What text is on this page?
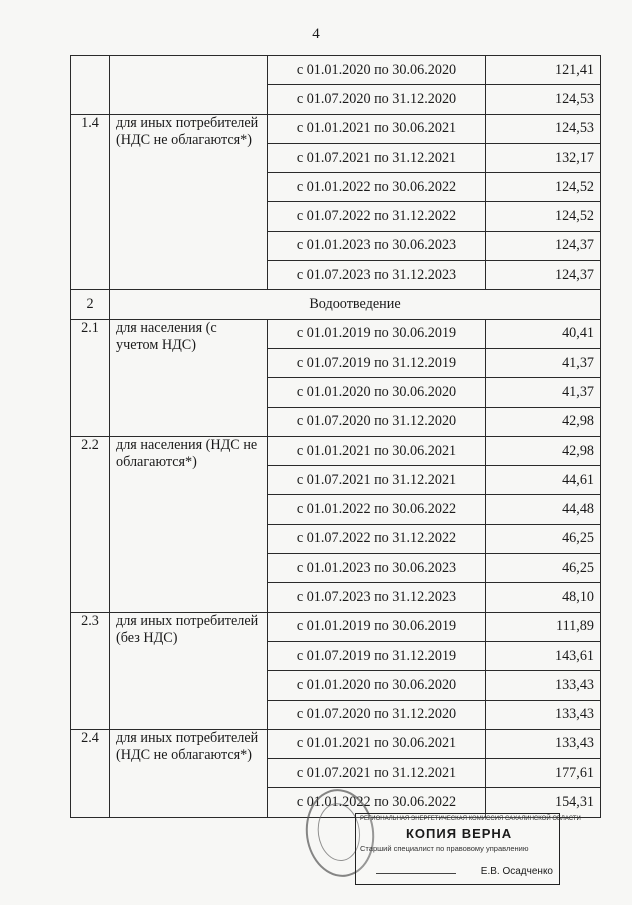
4
		с 01.01.2020 по 30.06.2020	121,41
		с 01.07.2020 по 31.12.2020	124,53
1.4	для иных потребителей (НДС не облагаются*)	с 01.01.2021 по 30.06.2021	124,53
		с 01.07.2021 по 31.12.2021	132,17
		с 01.01.2022 по 30.06.2022	124,52
		с 01.07.2022 по 31.12.2022	124,52
		с 01.01.2023 по 30.06.2023	124,37
		с 01.07.2023 по 31.12.2023	124,37
2	Водоотведение		
2.1	для населения (с учетом НДС)	с 01.01.2019 по 30.06.2019	40,41
		с 01.07.2019 по 31.12.2019	41,37
		с 01.01.2020 по 30.06.2020	41,37
		с 01.07.2020 по 31.12.2020	42,98
2.2	для населения (НДС не облагаются*)	с 01.01.2021 по 30.06.2021	42,98
		с 01.07.2021 по 31.12.2021	44,61
		с 01.01.2022 по 30.06.2022	44,48
		с 01.07.2022 по 31.12.2022	46,25
		с 01.01.2023 по 30.06.2023	46,25
		с 01.07.2023 по 31.12.2023	48,10
2.3	для иных потребителей (без НДС)	с 01.01.2019 по 30.06.2019	111,89
		с 01.07.2019 по 31.12.2019	143,61
		с 01.01.2020 по 30.06.2020	133,43
		с 01.07.2020 по 31.12.2020	133,43
2.4	для иных потребителей (НДС не облагаются*)	с 01.01.2021 по 30.06.2021	133,43
		с 01.07.2021 по 31.12.2021	177,61
		с 01.01.2022 по 30.06.2022	154,31
РЕГИОНАЛЬНАЯ ЭНЕРГЕТИЧЕСКАЯ КОМИССИЯ САХАЛИНСКОЙ ОБЛАСТИ
КОПИЯ ВЕРНА
Старший специалист по правовому управлению
Е.В. Осадченко
